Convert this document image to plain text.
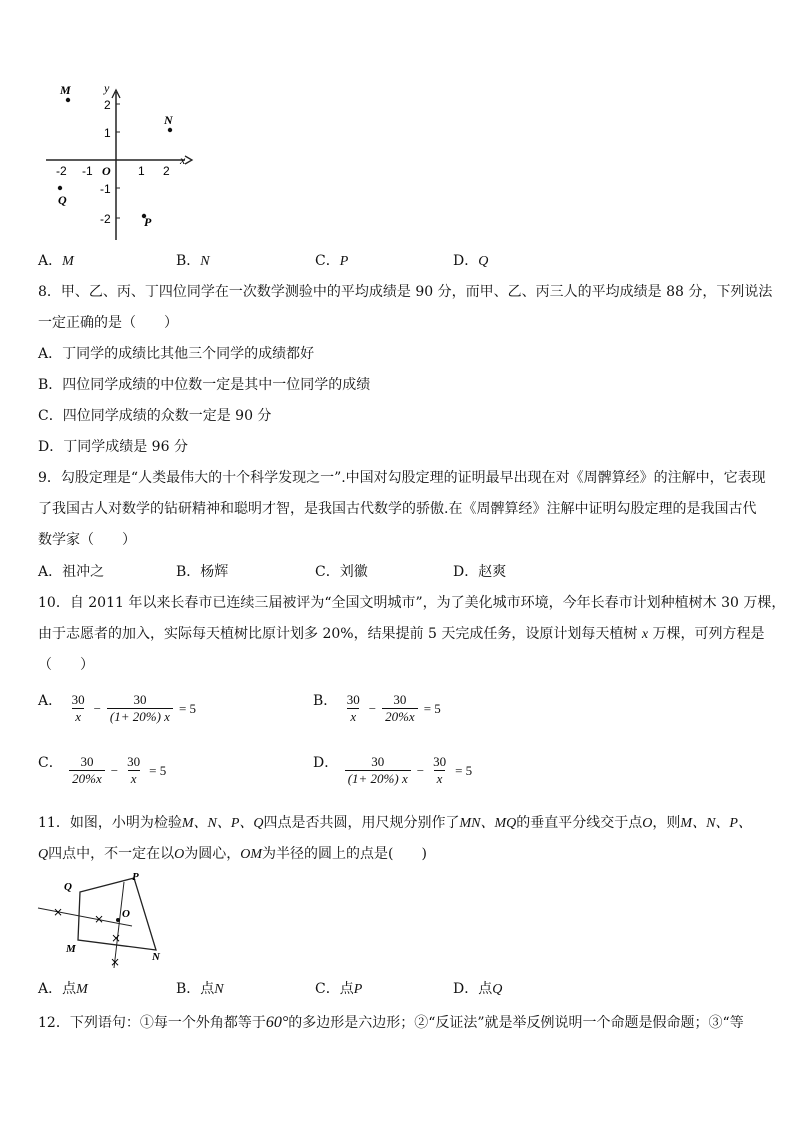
y
x
O
-2 -1	1 2
2
1
-1
-2
M
N
Q
P
A．M	B．N	C．P	D．Q
8．甲、乙、丙、丁四位同学在一次数学测验中的平均成绩是 90 分，而甲、乙、丙三人的平均成绩是 88 分，下列说法
一定正确的是（　　）
A．丁同学的成绩比其他三个同学的成绩都好
B．四位同学成绩的中位数一定是其中一位同学的成绩
C．四位同学成绩的众数一定是 90 分
D．丁同学成绩是 96 分
9．勾股定理是“人类最伟大的十个科学发现之一”.中国对勾股定理的证明最早出现在对《周髀算经》的注解中，它表现
了我国古人对数学的钻研精神和聪明才智，是我国古代数学的骄傲.在《周髀算经》注解中证明勾股定理的是我国古代
数学家（　　）
A．祖冲之	B．杨辉	C．刘徽	D．赵爽
10．自 2011 年以来长春市已连续三届被评为“全国文明城市”，为了美化城市环境，今年长春市计划种植树木 30 万棵，
由于志愿者的加入，实际每天植树比原计划多 20%，结果提前 5 天完成任务，设原计划每天植树 x 万棵，可列方程是
（　　）
A． $\frac{30}{x} - \frac{30}{(1+ 20\%) x} = 5$	B． $\frac{30}{x} - \frac{30}{20\%x} = 5$
C． $\frac{30}{20\%x} - \frac{30}{x} = 5$	D． $\frac{30}{(1+ 20\%) x} - \frac{30}{x} = 5$
11．如图，小明为检验M、N、P、Q四点是否共圆，用尺规分别作了MN、MQ的垂直平分线交于点O，则M、N、P、
Q四点中，不一定在以O为圆心，OM为半径的圆上的点是(　　)
×	×
×
×
Q
P
O
M
N
A．点M	B．点N	C．点P	D．点Q
12．下列语句：①每一个外角都等于60°的多边形是六边形；②“反证法”就是举反例说明一个命题是假命题；③“等
